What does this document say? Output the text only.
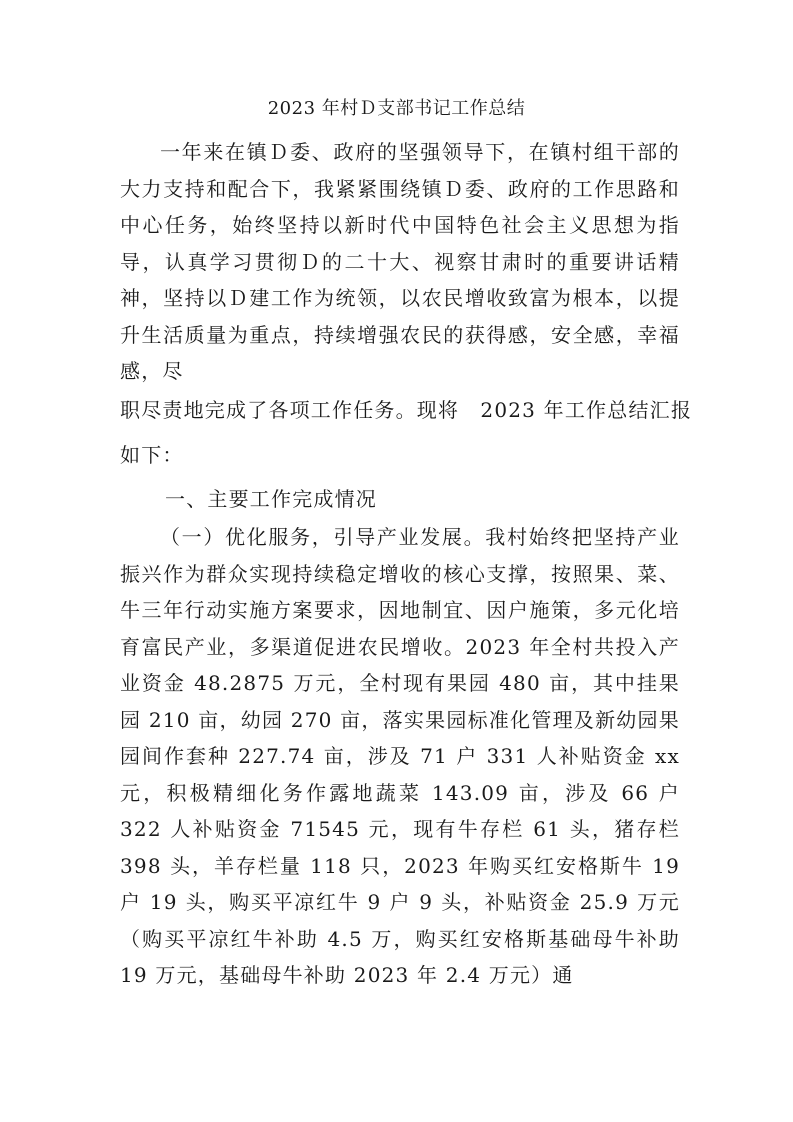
2023 年村Ｄ支部书记工作总结

一年来在镇Ｄ委、政府的坚强领导下，在镇村组干部的大力支持和配合下，我紧紧围绕镇Ｄ委、政府的工作思路和中心任务，始终坚持以新时代中国特色社会主义思想为指导，认真学习贯彻Ｄ的二十大、视察甘肃时的重要讲话精神，坚持以Ｄ建工作为统领，以农民增收致富为根本，以提升生活质量为重点，持续增强农民的获得感，安全感，幸福感，尽

职尽责地完成了各项工作任务。现将　2023 年工作总结汇报
如下：
一、主要工作完成情况

（一）优化服务，引导产业发展。我村始终把坚持产业振兴作为群众实现持续稳定增收的核心支撑，按照果、菜、牛三年行动实施方案要求，因地制宜、因户施策，多元化培育富民产业，多渠道促进农民增收。2023 年全村共投入产业资金 48.2875 万元，全村现有果园 480 亩，其中挂果园 210 亩，幼园 270 亩，落实果园标准化管理及新幼园果园间作套种 227.74 亩，涉及 71 户 331 人补贴资金 xx 元，积极精细化务作露地蔬菜 143.09 亩，涉及 66 户 322 人补贴资金 71545 元，现有牛存栏 61 头，猪存栏 398 头，羊存栏量 118 只，2023 年购买红安格斯牛 19 户 19 头，购买平凉红牛 9 户 9 头，补贴资金 25.9 万元（购买平凉红牛补助 4.5 万，购买红安格斯基础母牛补助 19 万元，基础母牛补助 2023 年 2.4 万元）通
